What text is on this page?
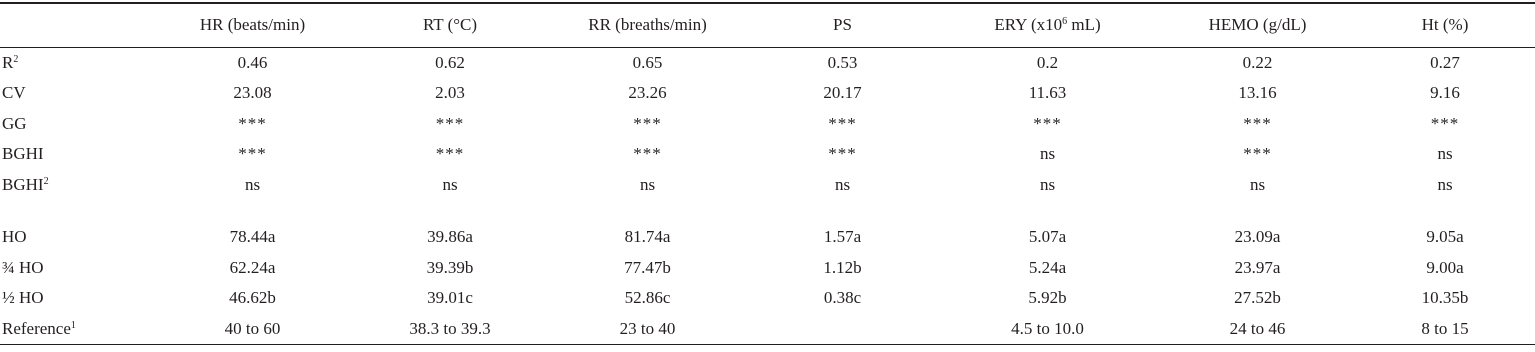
	HR (beats/min)	RT (°C)	RR (breaths/min)	PS	ERY ($x10^6$ mL)	HEMO (g/dL)	Ht (%)
$R^2$	0.46	0.62	0.65	0.53	0.2	0.22	0.27
CV	23.08	2.03	23.26	20.17	11.63	13.16	9.16
GG	***	***	***	***	***	***	***
BGHI	***	***	***	***	ns	***	ns
BGHI$^2$	ns	ns	ns	ns	ns	ns	ns

HO	78.44a	39.86a	81.74a	1.57a	5.07a	23.09a	9.05a
¾ HO	62.24a	39.39b	77.47b	1.12b	5.24a	23.97a	9.00a
½ HO	46.62b	39.01c	52.86c	0.38c	5.92b	27.52b	10.35b
Reference$^1$	40 to 60	38.3 to 39.3	23 to 40		4.5 to 10.0	24 to 46	8 to 15
